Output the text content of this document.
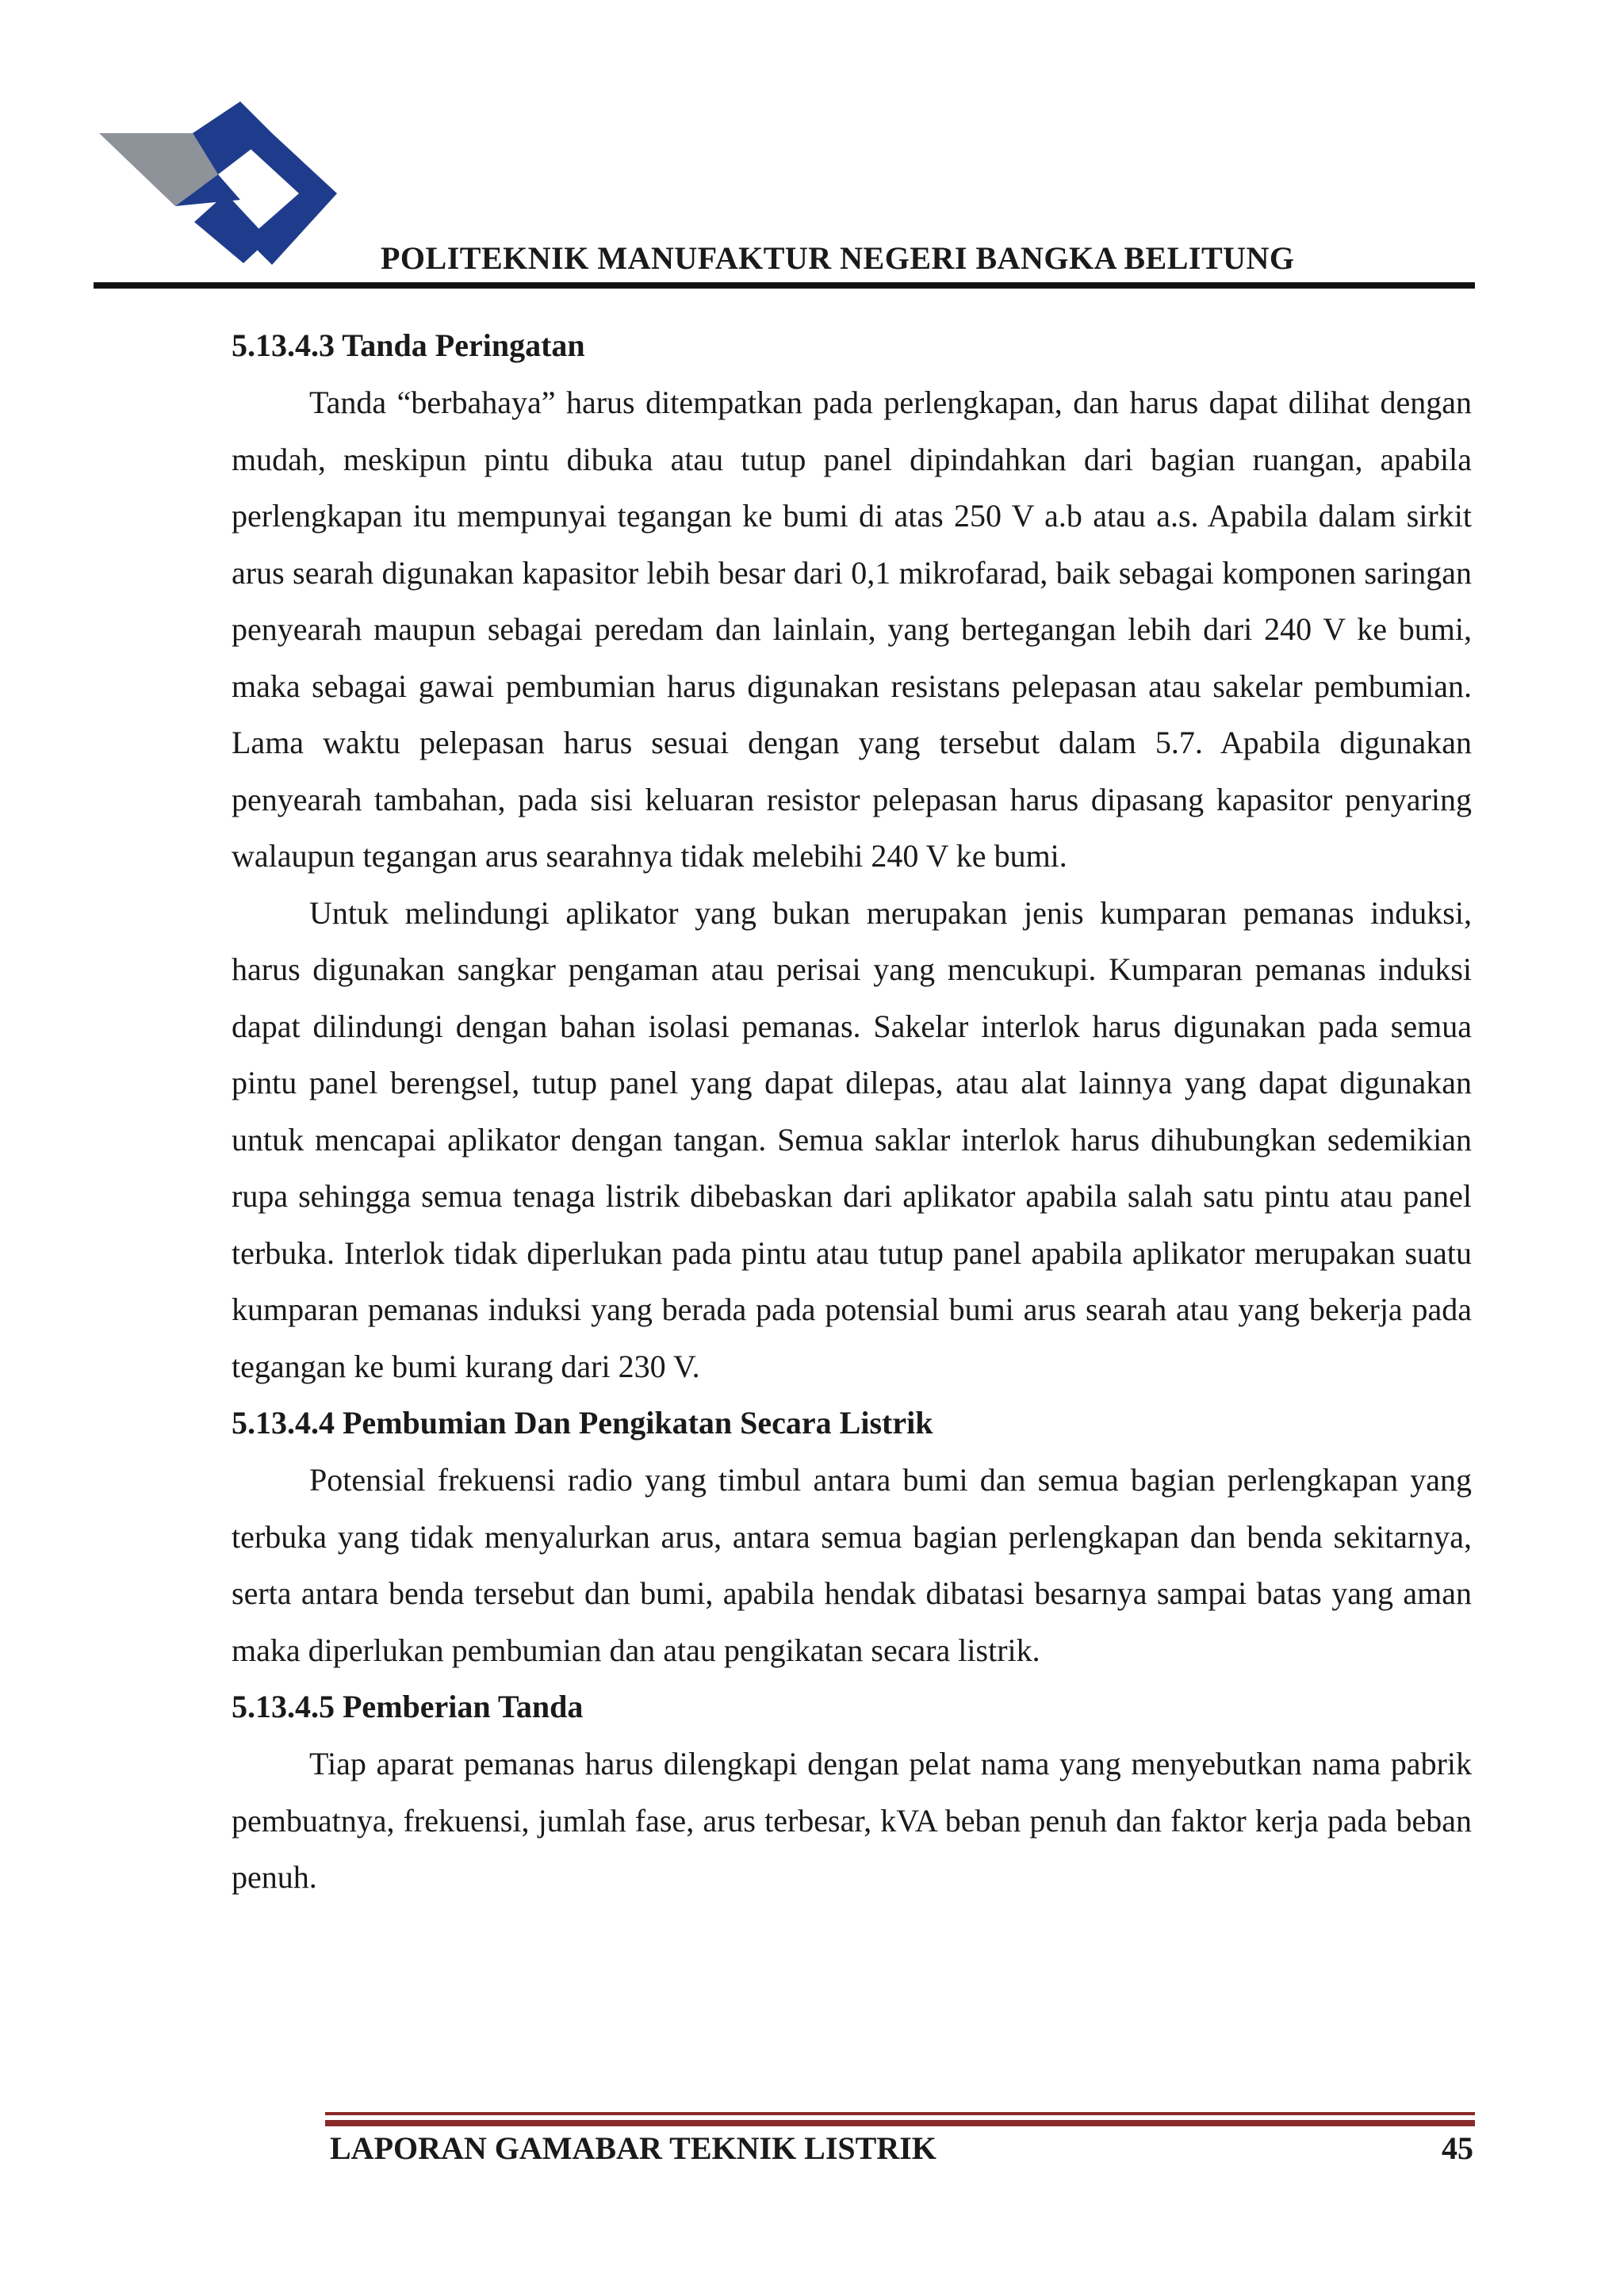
POLITEKNIK MANUFAKTUR NEGERI BANGKA BELITUNG
5.13.4.3 Tanda Peringatan

Tanda “berbahaya” harus ditempatkan pada perlengkapan, dan harus dapat dilihat dengan mudah, meskipun pintu dibuka atau tutup panel dipindahkan dari bagian ruangan, apabila perlengkapan itu mempunyai tegangan ke bumi di atas 250 V a.b atau a.s. Apabila dalam sirkit arus searah digunakan kapasitor lebih besar dari 0,1 mikrofarad, baik sebagai komponen saringan penyearah maupun sebagai peredam dan lainlain, yang bertegangan lebih dari 240 V ke bumi, maka sebagai gawai pembumian harus digunakan resistans pelepasan atau sakelar pembumian. Lama waktu pelepasan harus sesuai dengan yang tersebut dalam 5.7. Apabila digunakan penyearah tambahan, pada sisi keluaran resistor pelepasan harus dipasang kapasitor penyaring walaupun tegangan arus searahnya tidak melebihi 240 V ke bumi.

Untuk melindungi aplikator yang bukan merupakan jenis kumparan pemanas induksi, harus digunakan sangkar pengaman atau perisai yang mencukupi. Kumparan pemanas induksi dapat dilindungi dengan bahan isolasi pemanas. Sakelar interlok harus digunakan pada semua pintu panel berengsel, tutup panel yang dapat dilepas, atau alat lainnya yang dapat digunakan untuk mencapai aplikator dengan tangan. Semua saklar interlok harus dihubungkan sedemikian rupa sehingga semua tenaga listrik dibebaskan dari aplikator apabila salah satu pintu atau panel terbuka. Interlok tidak diperlukan pada pintu atau tutup panel apabila aplikator merupakan suatu kumparan pemanas induksi yang berada pada potensial bumi arus searah atau yang bekerja pada tegangan ke bumi kurang dari 230 V.

5.13.4.4 Pembumian Dan Pengikatan Secara Listrik

Potensial frekuensi radio yang timbul antara bumi dan semua bagian perlengkapan yang terbuka yang tidak menyalurkan arus, antara semua bagian perlengkapan dan benda sekitarnya, serta antara benda tersebut dan bumi, apabila hendak dibatasi besarnya sampai batas yang aman maka diperlukan pembumian dan atau pengikatan secara listrik.

5.13.4.5 Pemberian Tanda

Tiap aparat pemanas harus dilengkapi dengan pelat nama yang menyebutkan nama pabrik pembuatnya, frekuensi, jumlah fase, arus terbesar, kVA beban penuh dan faktor kerja pada beban penuh.

LAPORAN GAMABAR TEKNIK LISTRIK	45
